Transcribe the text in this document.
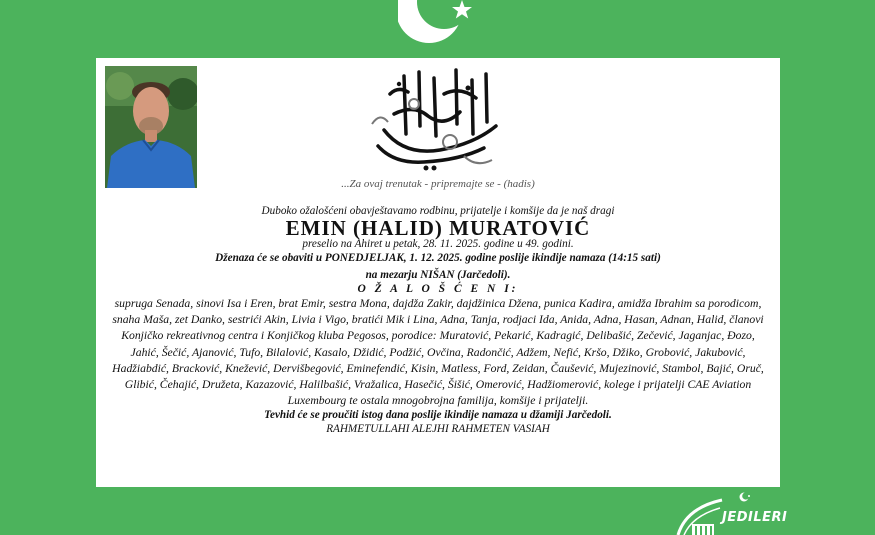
...Za ovaj trenutak - pripremajte se - (hadis)
Duboko ožalošćeni obavještavamo rodbinu, prijatelje i komšije da je naš dragi
EMIN (HALID) MURATOVIĆ
preselio na Ahiret u petak, 28. 11. 2025. godine u 49. godini.
Dženaza će se obaviti u PONEDJELJAK, 1. 12. 2025. godine poslije ikindije namaza (14:15 sati)
na mezarju NIŠAN (Jarčedoli).
O Ž A L O Š Ć E N I:
supruga Senada, sinovi Isa i Eren, brat Emir, sestra Mona, dajdža Zakir, dajdžinica Džena, punica Kadira, amidža Ibrahim sa porodicom, snaha Maša, zet Danko, sestrići Akin, Livia i Vigo, bratići Mik i Lina, Adna, Tanja, rodjaci Ida, Anida, Adna, Hasan, Adnan, Halid, članovi Konjičko rekreativnog centra i Konjičkog kluba Pegosos, porodice: Muratović, Pekarić, Kadragić, Delibašić, Zečević, Jaganjac, Đozo, Jahić, Šečić, Ajanović, Tufo, Bilalović, Kasalo, Džidić, Podžić, Ovčina, Radončić, Adžem, Nefić, Kršo, Džiko, Grobović, Jakubović, Hadžiabdić, Bracković, Knežević, Dervišbegović, Eminefendić, Kisin, Matless, Ford, Zeidan, Čaušević, Mujezinović, Stambol, Bajić, Oruč, Glibić, Čehajić, Družeta, Kazazović, Halilbašić, Vražalica, Hasečić, Šišić, Omerović, Hadžiomerović, kolege i prijatelji CAE Aviation Luxembourg te ostala mnogobrojna familija, komšije i prijatelji.
Tevhid će se proučiti istog dana poslije ikindije namaza u džamiji Jarčedoli.
RAHMETULLAHI ALEJHI RAHMETEN VASIAH
JEDILERI
